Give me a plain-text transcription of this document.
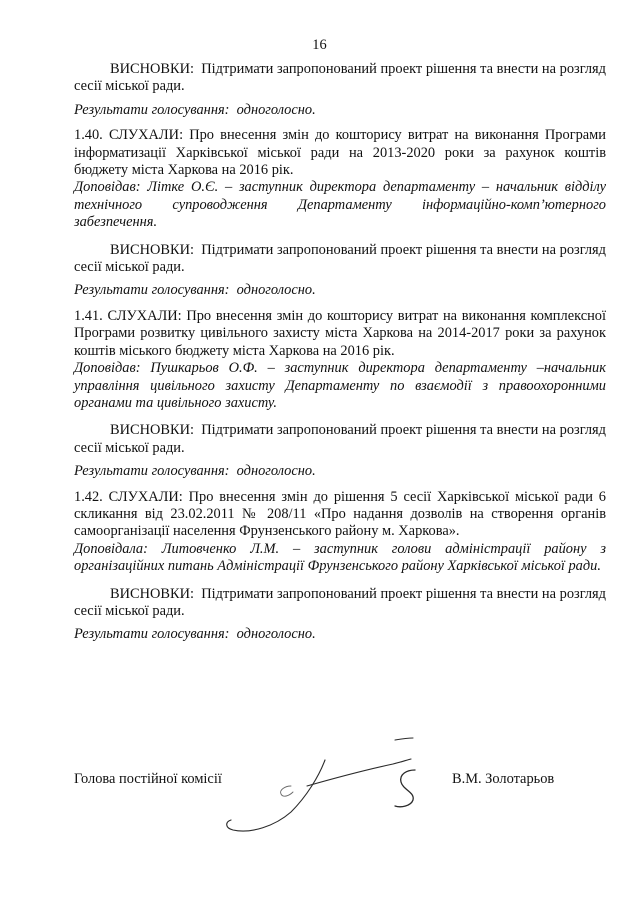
16

ВИСНОВКИ: Підтримати запропонований проект рішення та внести на розгляд сесії міської ради.

Результати голосування: одноголосно.

1.40. СЛУХАЛИ: Про внесення змін до кошторису витрат на виконання Програми інформатизації Харківської міської ради на 2013-2020 роки за рахунок коштів бюджету міста Харкова на 2016 рік.

Доповідав: Літке О.Є. – заступник директора департаменту – начальник відділу технічного супроводження Департаменту інформаційно-комп’ютерного забезпечення.

ВИСНОВКИ: Підтримати запропонований проект рішення та внести на розгляд сесії міської ради.

Результати голосування: одноголосно.

1.41. СЛУХАЛИ: Про внесення змін до кошторису витрат на виконання комплексної Програми розвитку цивільного захисту міста Харкова на 2014-2017 роки за рахунок коштів міського бюджету міста Харкова на 2016 рік.

Доповідав: Пушкарьов О.Ф. – заступник директора департаменту –начальник управління цивільного захисту Департаменту по взаємодії з правоохоронними органами та цивільного захисту.

ВИСНОВКИ: Підтримати запропонований проект рішення та внести на розгляд сесії міської ради.

Результати голосування: одноголосно.

1.42. СЛУХАЛИ: Про внесення змін до рішення 5 сесії Харківської міської ради 6 скликання від 23.02.2011 № 208/11 «Про надання дозволів на створення органів самоорганізації населення Фрунзенського району м. Харкова».

Доповідала: Литовченко Л.М. – заступник голови адміністрації району з організаційних питань Адміністрації Фрунзенського району Харківської міської ради.

ВИСНОВКИ: Підтримати запропонований проект рішення та внести на розгляд сесії міської ради.

Результати голосування: одноголосно.

Голова постійної комісії	В.М. Золотарьов
